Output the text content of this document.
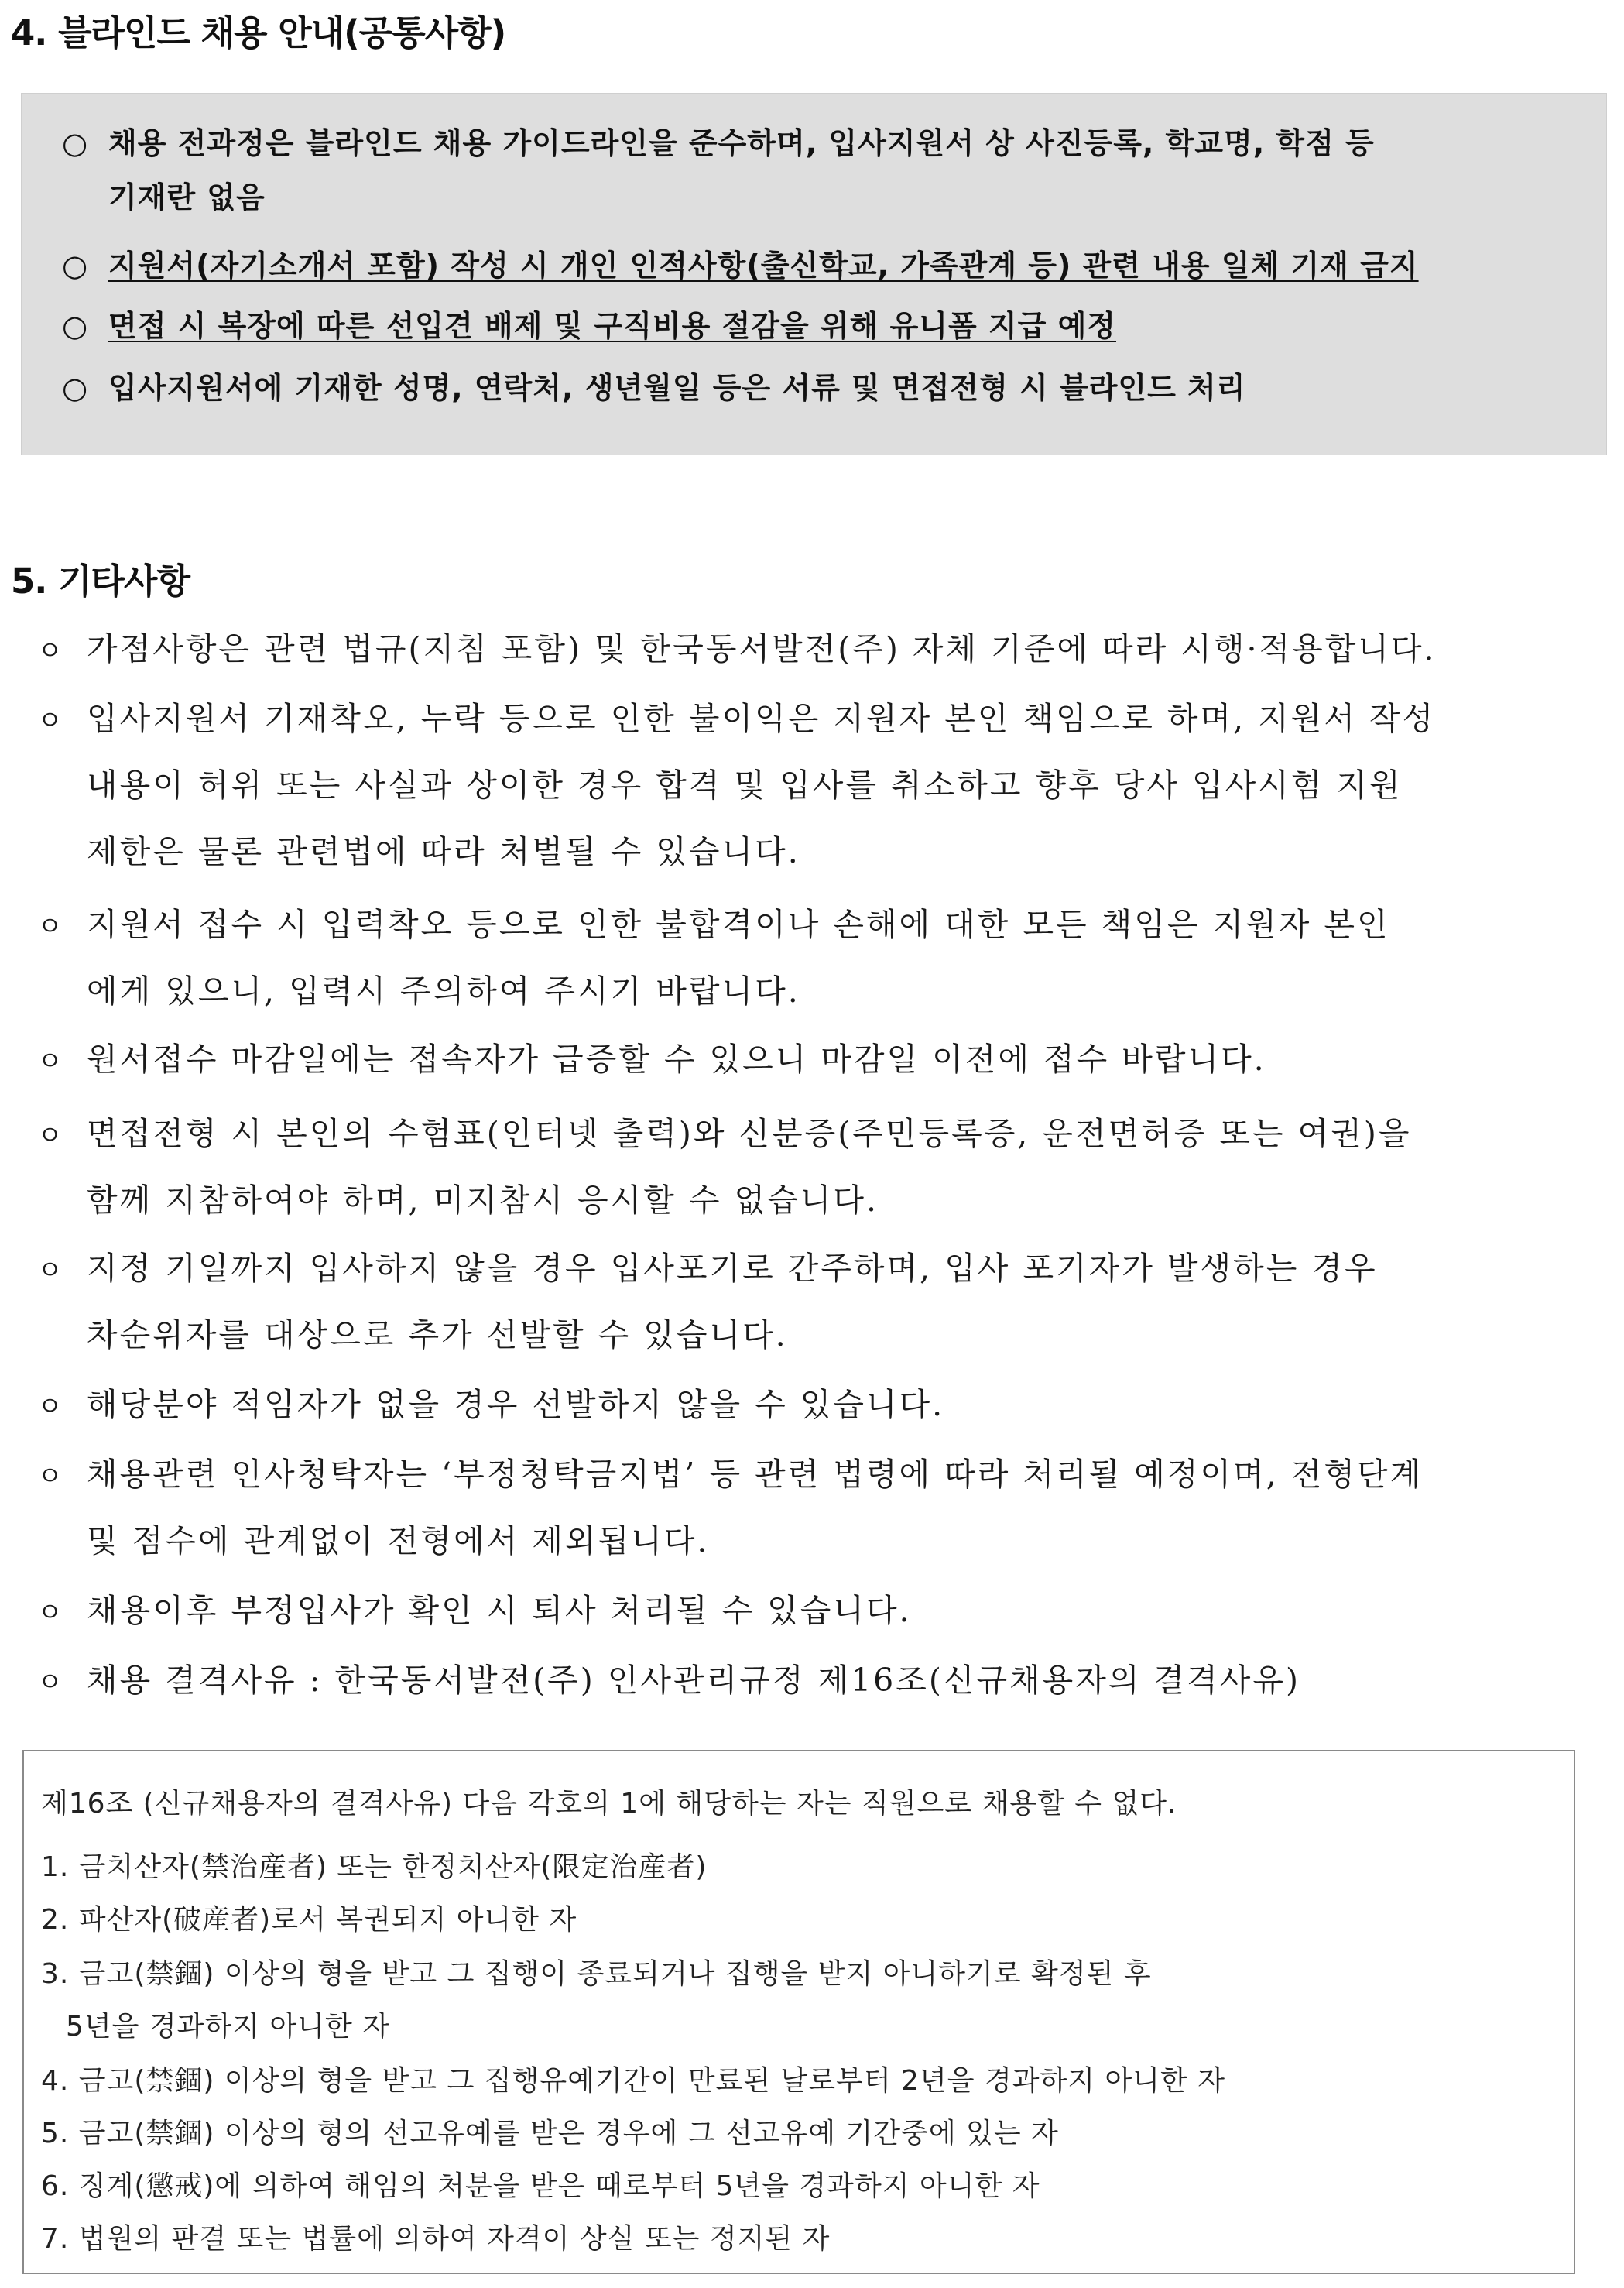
4. 블라인드 채용 안내(공통사항)
○ 채용 전과정은 블라인드 채용 가이드라인을 준수하며, 입사지원서 상 사진등록, 학교명, 학점 등
기재란 없음
○ 지원서(자기소개서 포함) 작성 시 개인 인적사항(출신학교, 가족관계 등) 관련 내용 일체 기재 금지
○ 면접 시 복장에 따른 선입견 배제 및 구직비용 절감을 위해 유니폼 지급 예정
○ 입사지원서에 기재한 성명, 연락처, 생년월일 등은 서류 및 면접전형 시 블라인드 처리
5. 기타사항
ㅇ 가점사항은 관련 법규(지침 포함) 및 한국동서발전(주) 자체 기준에 따라 시행·적용합니다.
ㅇ 입사지원서 기재착오, 누락 등으로 인한 불이익은 지원자 본인 책임으로 하며, 지원서 작성
내용이 허위 또는 사실과 상이한 경우 합격 및 입사를 취소하고 향후 당사 입사시험 지원
제한은 물론 관련법에 따라 처벌될 수 있습니다.
ㅇ 지원서 접수 시 입력착오 등으로 인한 불합격이나 손해에 대한 모든 책임은 지원자 본인
에게 있으니, 입력시 주의하여 주시기 바랍니다.
ㅇ 원서접수 마감일에는 접속자가 급증할 수 있으니 마감일 이전에 접수 바랍니다.
ㅇ 면접전형 시 본인의 수험표(인터넷 출력)와 신분증(주민등록증, 운전면허증 또는 여권)을
함께 지참하여야 하며, 미지참시 응시할 수 없습니다.
ㅇ 지정 기일까지 입사하지 않을 경우 입사포기로 간주하며, 입사 포기자가 발생하는 경우
차순위자를 대상으로 추가 선발할 수 있습니다.
ㅇ 해당분야 적임자가 없을 경우 선발하지 않을 수 있습니다.
ㅇ 채용관련 인사청탁자는 ‘부정청탁금지법’ 등 관련 법령에 따라 처리될 예정이며, 전형단계
및 점수에 관계없이 전형에서 제외됩니다.
ㅇ 채용이후 부정입사가 확인 시 퇴사 처리될 수 있습니다.
ㅇ 채용 결격사유 : 한국동서발전(주) 인사관리규정 제16조(신규채용자의 결격사유)
제16조 (신규채용자의 결격사유) 다음 각호의 1에 해당하는 자는 직원으로 채용할 수 없다.
1. 금치산자(禁治産者) 또는 한정치산자(限定治産者)
2. 파산자(破産者)로서 복권되지 아니한 자
3. 금고(禁錮) 이상의 형을 받고 그 집행이 종료되거나 집행을 받지 아니하기로 확정된 후
5년을 경과하지 아니한 자
4. 금고(禁錮) 이상의 형을 받고 그 집행유예기간이 만료된 날로부터 2년을 경과하지 아니한 자
5. 금고(禁錮) 이상의 형의 선고유예를 받은 경우에 그 선고유예 기간중에 있는 자
6. 징계(懲戒)에 의하여 해임의 처분을 받은 때로부터 5년을 경과하지 아니한 자
7. 법원의 판결 또는 법률에 의하여 자격이 상실 또는 정지된 자
